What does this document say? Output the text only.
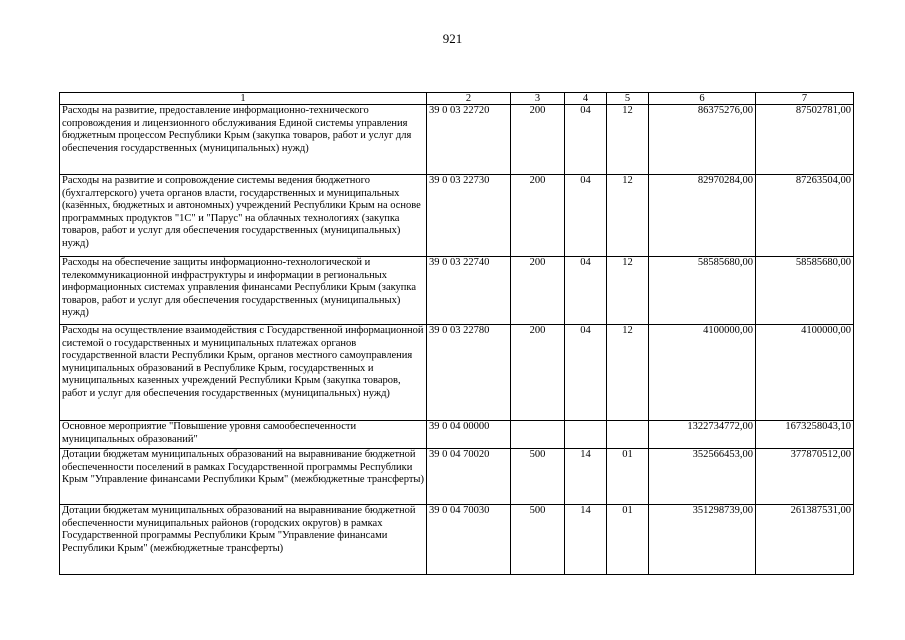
921
1	2	3	4	5	6	7
Расходы на развитие, предоставление информационно-технического сопровождения и лицензионного обслуживания Единой системы управления бюджетным процессом Республики Крым (закупка товаров, работ и услуг для обеспечения государственных (муниципальных) нужд)	39 0 03 22720	200	04	12	86375276,00	87502781,00
Расходы на развитие и сопровождение системы ведения бюджетного (бухгалтерского) учета органов власти, государственных и муниципальных (казённых, бюджетных и автономных) учреждений Республики Крым на основе программных продуктов "1С" и "Парус" на облачных технологиях (закупка товаров, работ и услуг для обеспечения государственных (муниципальных) нужд)	39 0 03 22730	200	04	12	82970284,00	87263504,00
Расходы на обеспечение защиты информационно-технологической и телекоммуникационной инфраструктуры и информации в региональных информационных системах управления финансами Республики Крым (закупка товаров, работ и услуг для обеспечения государственных (муниципальных) нужд)	39 0 03 22740	200	04	12	58585680,00	58585680,00
Расходы на осуществление взаимодействия с Государственной информационной системой о государственных и муниципальных платежах органов государственной власти Республики Крым, органов местного самоуправления муниципальных образований в Республике Крым, государственных и муниципальных казенных учреждений Республики Крым (закупка товаров, работ и услуг для обеспечения государственных (муниципальных) нужд)	39 0 03 22780	200	04	12	4100000,00	4100000,00
Основное мероприятие "Повышение уровня самообеспеченности муниципальных образований"	39 0 04 00000				1322734772,00	1673258043,10
Дотации бюджетам муниципальных образований на выравнивание бюджетной обеспеченности поселений в рамках Государственной программы Республики Крым "Управление финансами Республики Крым" (межбюджетные трансферты)	39 0 04 70020	500	14	01	352566453,00	377870512,00
Дотации бюджетам муниципальных образований на выравнивание бюджетной обеспеченности муниципальных районов (городских округов) в рамках Государственной программы Республики Крым "Управление финансами Республики Крым" (межбюджетные трансферты)	39 0 04 70030	500	14	01	351298739,00	261387531,00
